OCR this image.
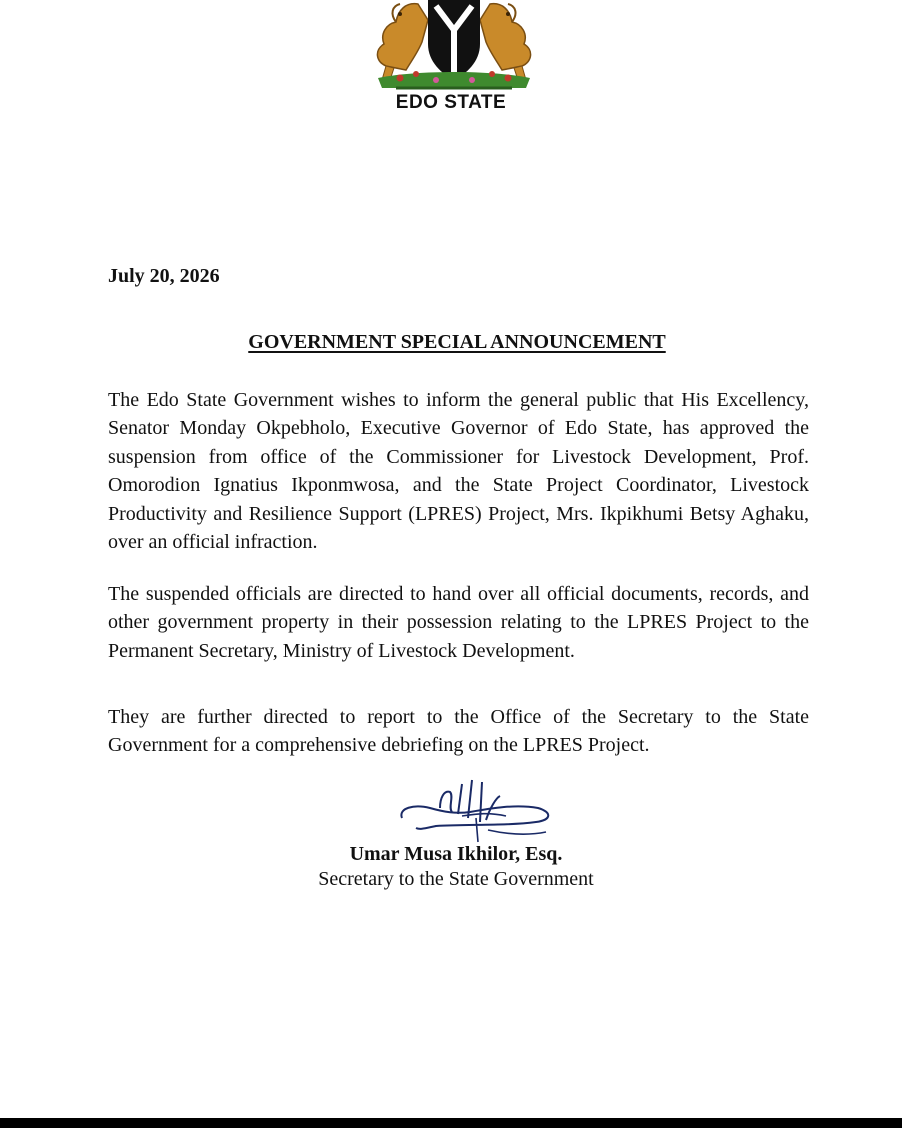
EDO STATE
July 20, 2026
GOVERNMENT SPECIAL ANNOUNCEMENT
The Edo State Government wishes to inform the general public that His Excellency, Senator Monday Okpebholo, Executive Governor of Edo State, has approved the suspension from office of the Commissioner for Livestock Development, Prof. Omorodion Ignatius Ikponmwosa, and the State Project Coordinator, Livestock Productivity and Resilience Support (LPRES) Project, Mrs. Ikpikhumi Betsy Aghaku, over an official infraction.
The suspended officials are directed to hand over all official documents, records, and other government property in their possession relating to the LPRES Project to the Permanent Secretary, Ministry of Livestock Development.
They are further directed to report to the Office of the Secretary to the State Government for a comprehensive debriefing on the LPRES Project.
Umar Musa Ikhilor, Esq.
Secretary to the State Government
